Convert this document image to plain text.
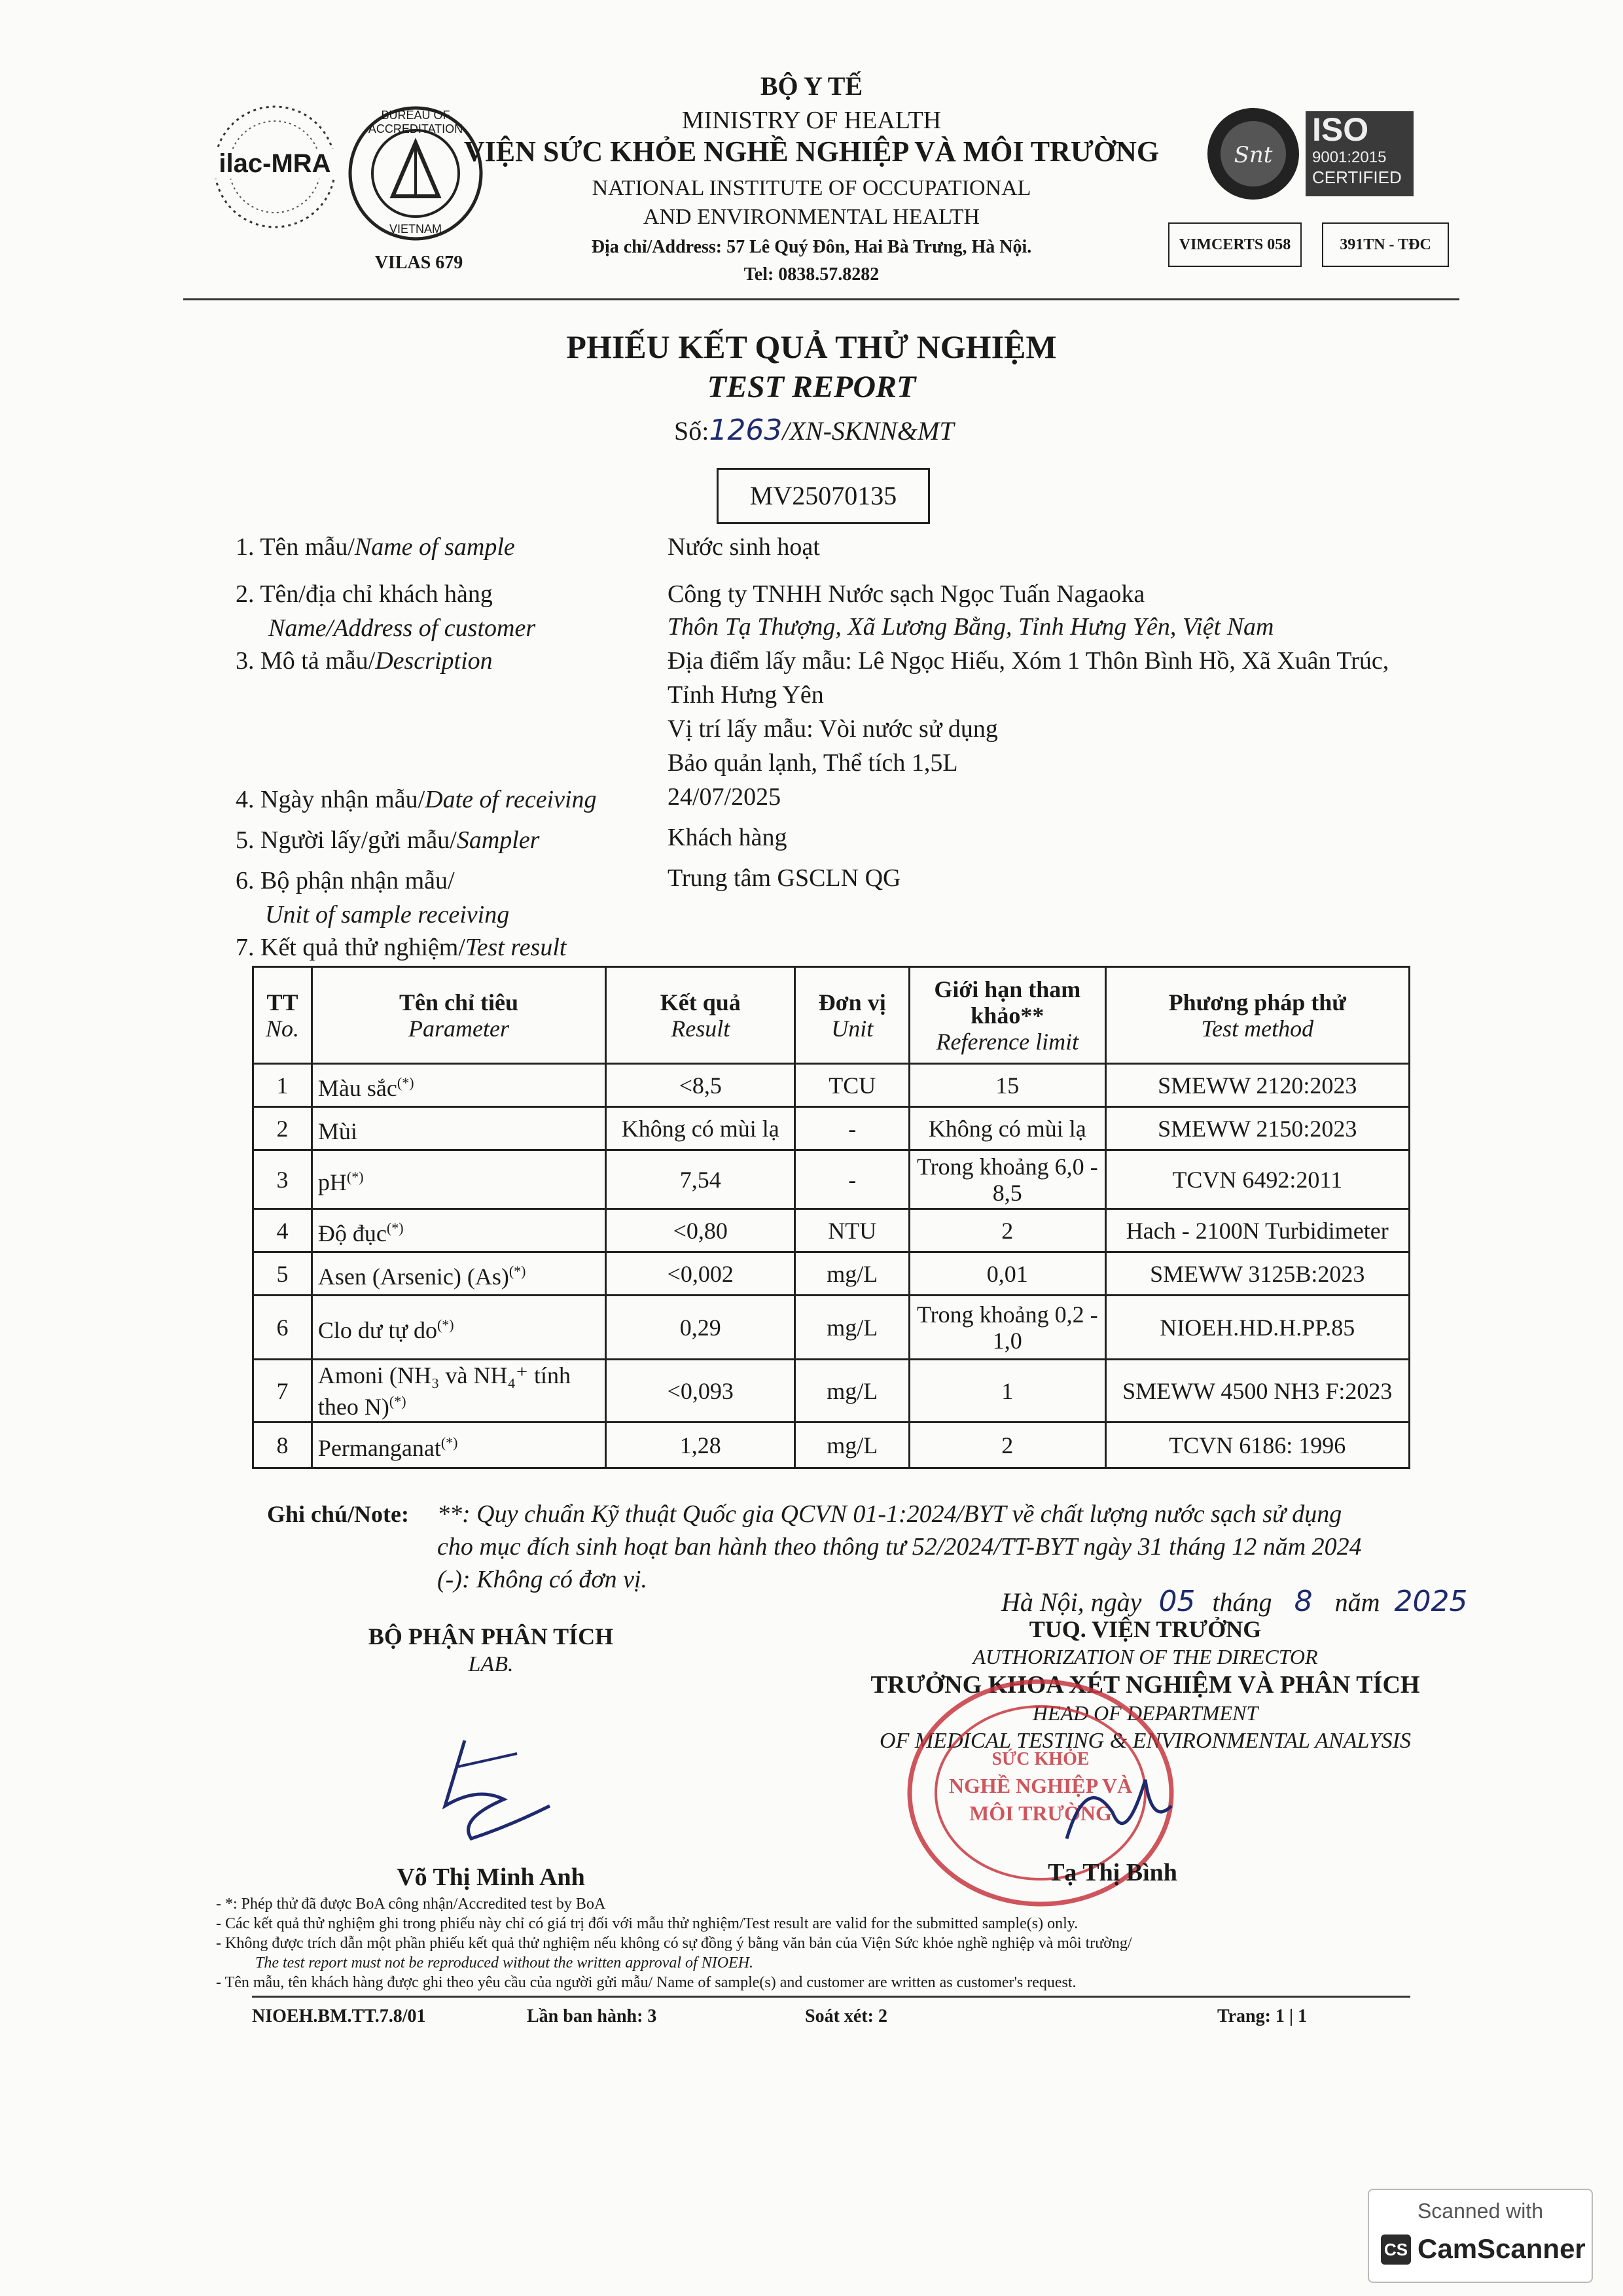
ilac-MRA
BUREAU OF ACCREDITATION
VIETNAM
VILAS 679
Snt
ISO
9001:2015
CERTIFIED
VIMCERTS 058	391TN - TĐC
BỘ Y TẾ
MINISTRY OF HEALTH
VIỆN SỨC KHỎE NGHỀ NGHIỆP VÀ MÔI TRƯỜNG
NATIONAL INSTITUTE OF OCCUPATIONAL
AND ENVIRONMENTAL HEALTH
Địa chỉ/Address: 57 Lê Quý Đôn, Hai Bà Trưng, Hà Nội.
Tel: 0838.57.8282
PHIẾU KẾT QUẢ THỬ NGHIỆM
TEST REPORT
Số:1263/XN-SKNN&MT
MV25070135
1. Tên mẫu/Name of sample	Nước sinh hoạt
2. Tên/địa chỉ khách hàng
Name/Address of customer
Công ty TNHH Nước sạch Ngọc Tuấn Nagaoka
Thôn Tạ Thượng, Xã Lương Bằng, Tỉnh Hưng Yên, Việt Nam
3. Mô tả mẫu/Description	Địa điểm lấy mẫu: Lê Ngọc Hiếu, Xóm 1 Thôn Bình Hồ, Xã Xuân Trúc,
Tỉnh Hưng Yên
Vị trí lấy mẫu: Vòi nước sử dụng
Bảo quản lạnh, Thể tích 1,5L
4. Ngày nhận mẫu/Date of receiving	24/07/2025
5. Người lấy/gửi mẫu/Sampler	Khách hàng
6. Bộ phận nhận mẫu/
Unit of sample receiving
Trung tâm GSCLN QG
7. Kết quả thử nghiệm/Test result
TT
No.	Tên chỉ tiêu
Parameter	Kết quả
Result	Đơn vị
Unit	Giới hạn tham khảo**
Reference limit	Phương pháp thử
Test method

1	Màu sắc(*)	<8,5	TCU	15	SMEWW 2120:2023
2	Mùi	Không có mùi lạ	-	Không có mùi lạ	SMEWW 2150:2023
3	pH(*)	7,54	-	Trong khoảng 6,0 - 8,5	TCVN 6492:2011
4	Độ đục(*)	<0,80	NTU	2	Hach - 2100N Turbidimeter
5	Asen (Arsenic) (As)(*)	<0,002	mg/L	0,01	SMEWW 3125B:2023
6	Clo dư tự do(*)	0,29	mg/L	Trong khoảng 0,2 - 1,0	NIOEH.HD.H.PP.85
7	Amoni (NH₃ và NH₄⁺ tính theo N)(*)	<0,093	mg/L	1	SMEWW 4500 NH3 F:2023
8	Permanganat(*)	1,28	mg/L	2	TCVN 6186: 1996
Ghi chú/Note: **: Quy chuẩn Kỹ thuật Quốc gia QCVN 01-1:2024/BYT về chất lượng nước sạch sử dụng
cho mục đích sinh hoạt ban hành theo thông tư 52/2024/TT-BYT ngày 31 tháng 12 năm 2024
(-): Không có đơn vị.
Hà Nội, ngày 05 tháng 8 năm 2025
BỘ PHẬN PHÂN TÍCH
LAB.
Võ Thị Minh Anh
TUQ. VIỆN TRƯỞNG
AUTHORIZATION OF THE DIRECTOR
TRƯỞNG KHOA XÉT NGHIỆM VÀ PHÂN TÍCH
HEAD OF DEPARTMENT
OF MEDICAL TESTING & ENVIRONMENTAL ANALYSIS
SỨC KHỎE
NGHỀ NGHIỆP VÀ
MÔI TRƯỜNG
Tạ Thị Bình
- *: Phép thử đã được BoA công nhận/Accredited test by BoA
- Các kết quả thử nghiệm ghi trong phiếu này chỉ có giá trị đối với mẫu thử nghiệm/Test result are valid for the submitted sample(s) only.
- Không được trích dẫn một phần phiếu kết quả thử nghiệm nếu không có sự đồng ý bằng văn bản của Viện Sức khỏe nghề nghiệp và môi trường/
The test report must not be reproduced without the written approval of NIOEH.
- Tên mẫu, tên khách hàng được ghi theo yêu cầu của người gửi mẫu/ Name of sample(s) and customer are written as customer's request.
NIOEH.BM.TT.7.8/01	Lần ban hành: 3	Soát xét: 2	Trang: 1 | 1
Scanned with
CS CamScanner
